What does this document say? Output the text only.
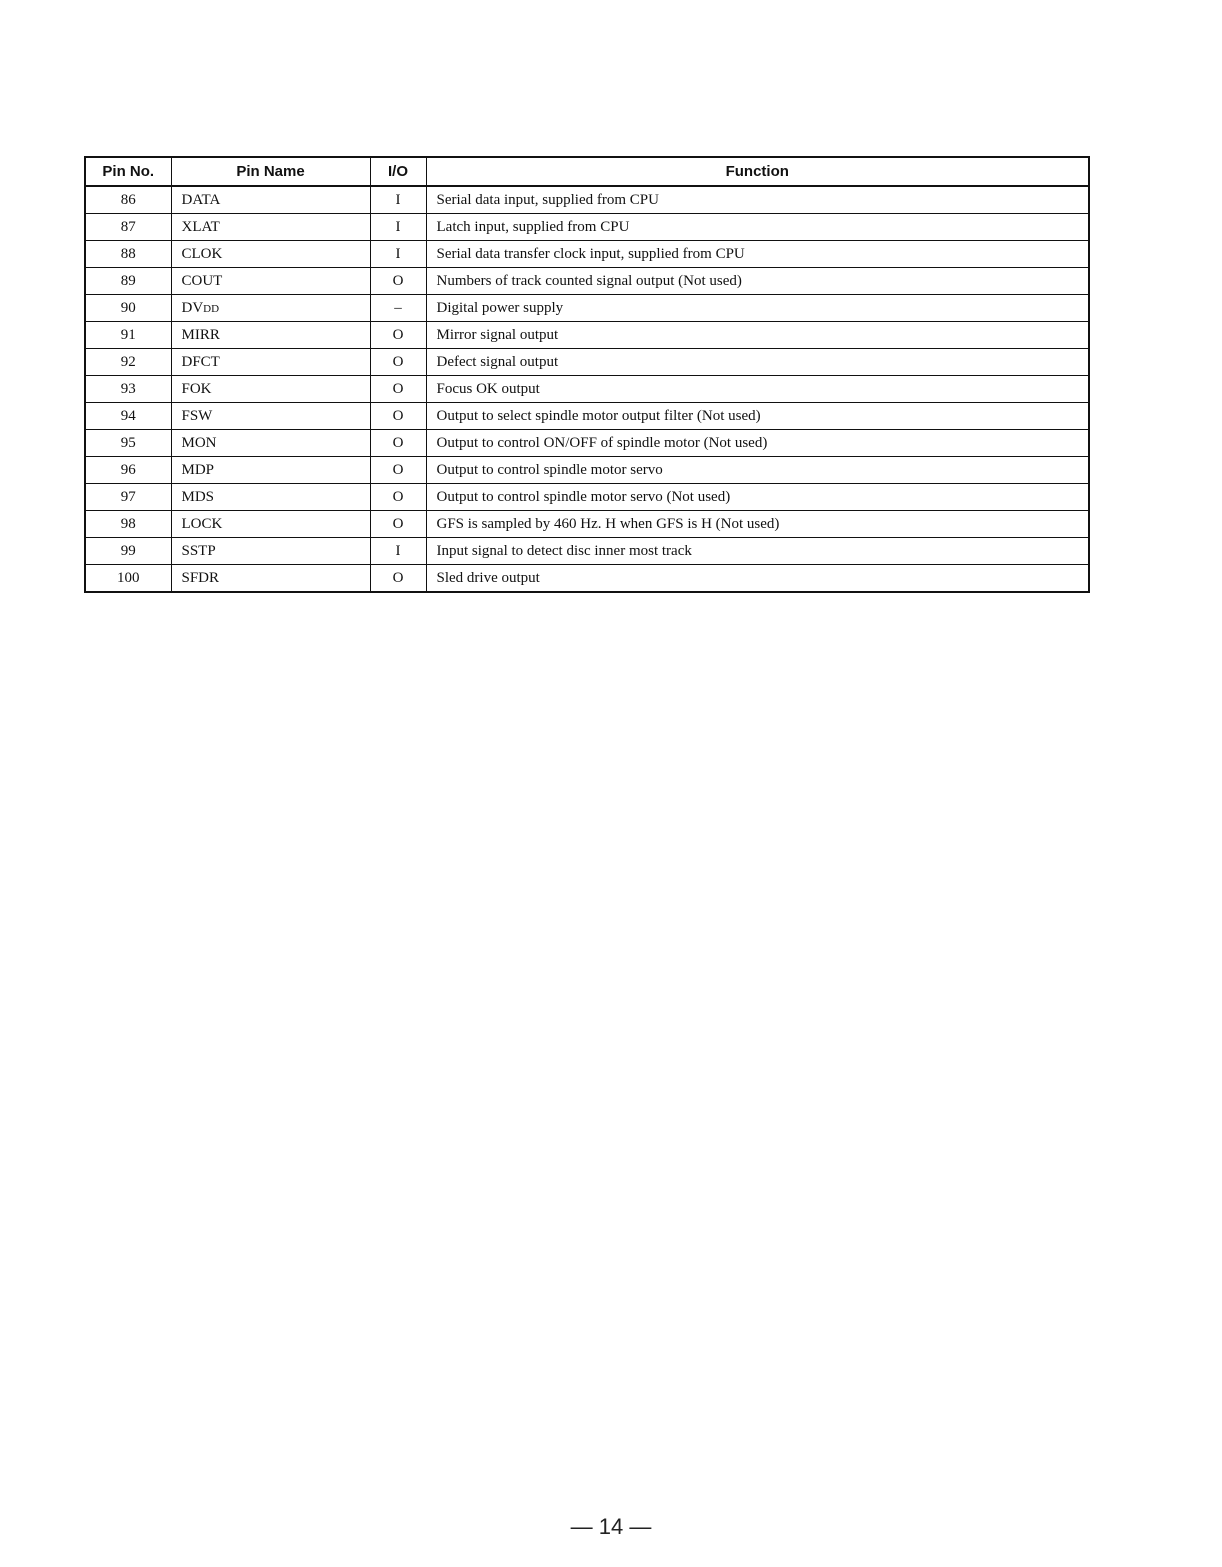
Pin No.	Pin Name	I/O	Function
86	DATA	I	Serial data input, supplied from CPU
87	XLAT	I	Latch input, supplied from CPU
88	CLOK	I	Serial data transfer clock input, supplied from CPU
89	COUT	O	Numbers of track counted signal output (Not used)
90	DVDD	–	Digital power supply
91	MIRR	O	Mirror signal output
92	DFCT	O	Defect signal output
93	FOK	O	Focus OK output
94	FSW	O	Output to select spindle motor output filter (Not used)
95	MON	O	Output to control ON/OFF of spindle motor (Not used)
96	MDP	O	Output to control spindle motor servo
97	MDS	O	Output to control spindle motor servo (Not used)
98	LOCK	O	GFS is sampled by 460 Hz. H when GFS is H (Not used)
99	SSTP	I	Input signal to detect disc inner most track
100	SFDR	O	Sled drive output
— 14 —
